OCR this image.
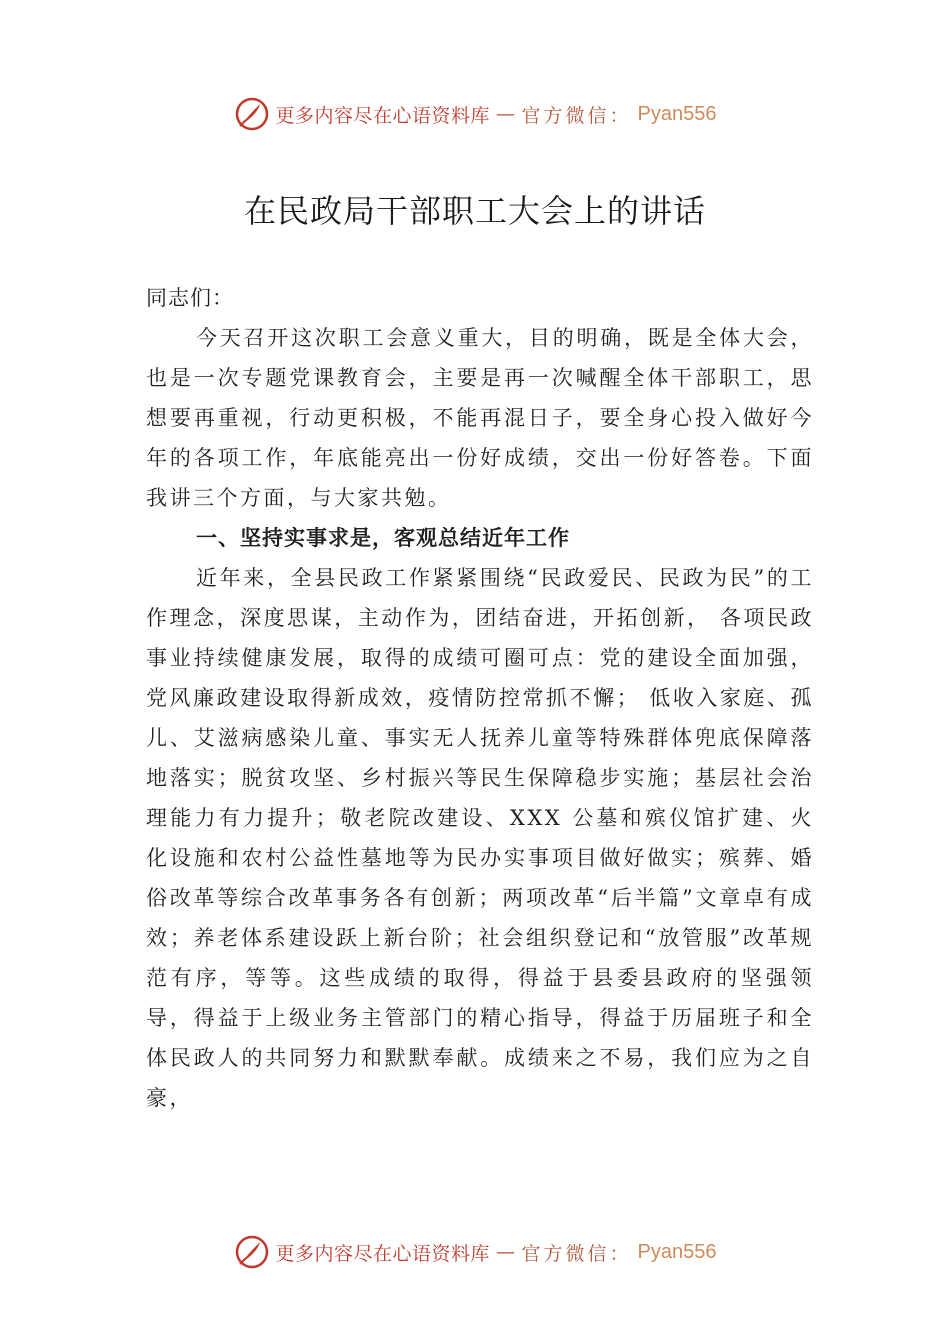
更多内容尽在心语资料库 — 官方微信： Pyan556
在民政局干部职工大会上的讲话

同志们：

今天召开这次职工会意义重大，目的明确，既是全体大会，也是一次专题党课教育会，主要是再一次喊醒全体干部职工，思想要再重视，行动更积极，不能再混日子，要全身心投入做好今年的各项工作，年底能亮出一份好成绩，交出一份好答卷。下面我讲三个方面，与大家共勉。

一、坚持实事求是，客观总结近年工作

近年来，全县民政工作紧紧围绕“民政爱民、民政为民”的工作理念，深度思谋，主动作为，团结奋进，开拓创新， 各项民政事业持续健康发展，取得的成绩可圈可点：党的建设全面加强，党风廉政建设取得新成效，疫情防控常抓不懈； 低收入家庭、孤儿、艾滋病感染儿童、事实无人抚养儿童等特殊群体兜底保障落地落实；脱贫攻坚、乡村振兴等民生保障稳步实施；基层社会治理能力有力提升；敬老院改建设、XXX 公墓和殡仪馆扩建、火化设施和农村公益性墓地等为民办实事项目做好做实；殡葬、婚俗改革等综合改革事务各有创新；两项改革“后半篇”文章卓有成效；养老体系建设跃上新台阶；社会组织登记和“放管服”改革规范有序，等等。这些成绩的取得，得益于县委县政府的坚强领导，得益于上级业务主管部门的精心指导，得益于历届班子和全体民政人的共同努力和默默奉献。成绩来之不易，我们应为之自豪，

更多内容尽在心语资料库 — 官方微信： Pyan556
